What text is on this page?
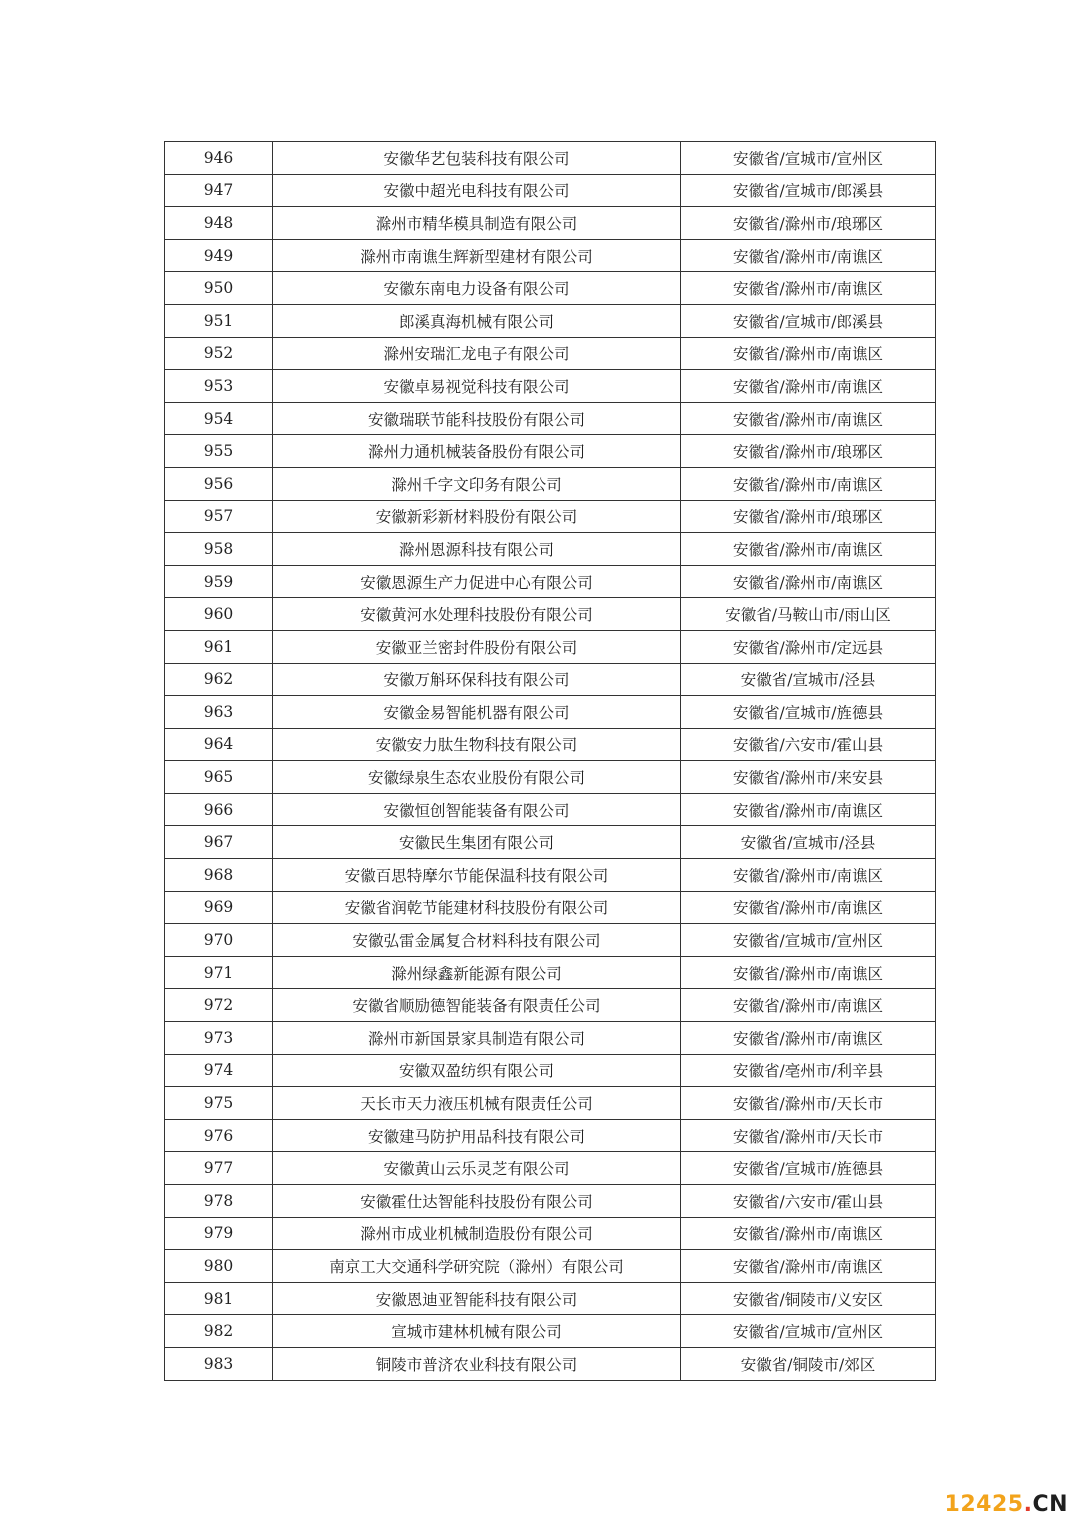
946	安徽华艺包装科技有限公司	安徽省/宣城市/宣州区
947	安徽中超光电科技有限公司	安徽省/宣城市/郎溪县
948	滁州市精华模具制造有限公司	安徽省/滁州市/琅琊区
949	滁州市南谯生辉新型建材有限公司	安徽省/滁州市/南谯区
950	安徽东南电力设备有限公司	安徽省/滁州市/南谯区
951	郎溪真海机械有限公司	安徽省/宣城市/郎溪县
952	滁州安瑞汇龙电子有限公司	安徽省/滁州市/南谯区
953	安徽卓易视觉科技有限公司	安徽省/滁州市/南谯区
954	安徽瑞联节能科技股份有限公司	安徽省/滁州市/南谯区
955	滁州力通机械装备股份有限公司	安徽省/滁州市/琅琊区
956	滁州千字文印务有限公司	安徽省/滁州市/南谯区
957	安徽新彩新材料股份有限公司	安徽省/滁州市/琅琊区
958	滁州恩源科技有限公司	安徽省/滁州市/南谯区
959	安徽恩源生产力促进中心有限公司	安徽省/滁州市/南谯区
960	安徽黄河水处理科技股份有限公司	安徽省/马鞍山市/雨山区
961	安徽亚兰密封件股份有限公司	安徽省/滁州市/定远县
962	安徽万斛环保科技有限公司	安徽省/宣城市/泾县
963	安徽金易智能机器有限公司	安徽省/宣城市/旌德县
964	安徽安力肽生物科技有限公司	安徽省/六安市/霍山县
965	安徽绿泉生态农业股份有限公司	安徽省/滁州市/来安县
966	安徽恒创智能装备有限公司	安徽省/滁州市/南谯区
967	安徽民生集团有限公司	安徽省/宣城市/泾县
968	安徽百思特摩尔节能保温科技有限公司	安徽省/滁州市/南谯区
969	安徽省润乾节能建材科技股份有限公司	安徽省/滁州市/南谯区
970	安徽弘雷金属复合材料科技有限公司	安徽省/宣城市/宣州区
971	滁州绿鑫新能源有限公司	安徽省/滁州市/南谯区
972	安徽省顺励德智能装备有限责任公司	安徽省/滁州市/南谯区
973	滁州市新国景家具制造有限公司	安徽省/滁州市/南谯区
974	安徽双盈纺织有限公司	安徽省/亳州市/利辛县
975	天长市天力液压机械有限责任公司	安徽省/滁州市/天长市
976	安徽建马防护用品科技有限公司	安徽省/滁州市/天长市
977	安徽黄山云乐灵芝有限公司	安徽省/宣城市/旌德县
978	安徽霍仕达智能科技股份有限公司	安徽省/六安市/霍山县
979	滁州市成业机械制造股份有限公司	安徽省/滁州市/南谯区
980	南京工大交通科学研究院（滁州）有限公司	安徽省/滁州市/南谯区
981	安徽恩迪亚智能科技有限公司	安徽省/铜陵市/义安区
982	宣城市建林机械有限公司	安徽省/宣城市/宣州区
983	铜陵市普济农业科技有限公司	安徽省/铜陵市/郊区
12425.CN
